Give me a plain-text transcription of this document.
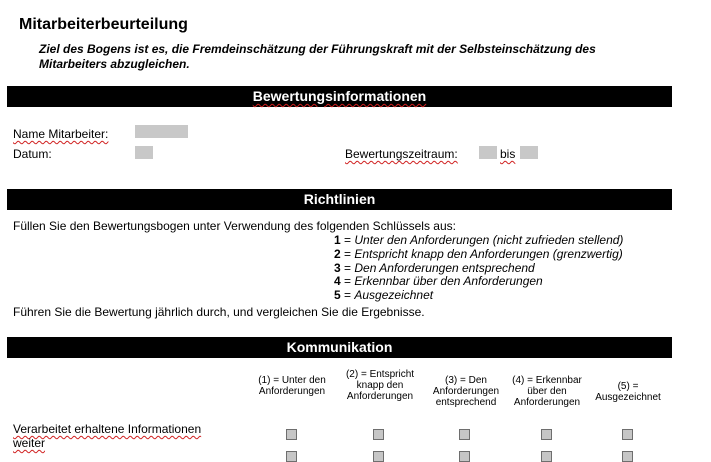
Mitarbeiterbeurteilung
Ziel des Bogens ist es, die Fremdeinschätzung der Führungskraft mit der Selbsteinschätzung des Mitarbeiters abzugleichen.
Bewertungsinformationen
Name Mitarbeiter:
Datum:	Bewertungszeitraum:	bis
Richtlinien
Füllen Sie den Bewertungsbogen unter Verwendung des folgenden Schlüssels aus:
1 = Unter den Anforderungen (nicht zufrieden stellend)
2 = Entspricht knapp den Anforderungen (grenzwertig)
3 = Den Anforderungen entsprechend
4 = Erkennbar über den Anforderungen
5 = Ausgezeichnet
Führen Sie die Bewertung jährlich durch, und vergleichen Sie die Ergebnisse.
Kommunikation
(1) = Unter den Anforderungen
(2) = Entspricht knapp den Anforderungen
(3) = Den Anforderungen entsprechend
(4) = Erkennbar über den Anforderungen
(5) = Ausgezeichnet
Verarbeitet erhaltene Informationen weiter
